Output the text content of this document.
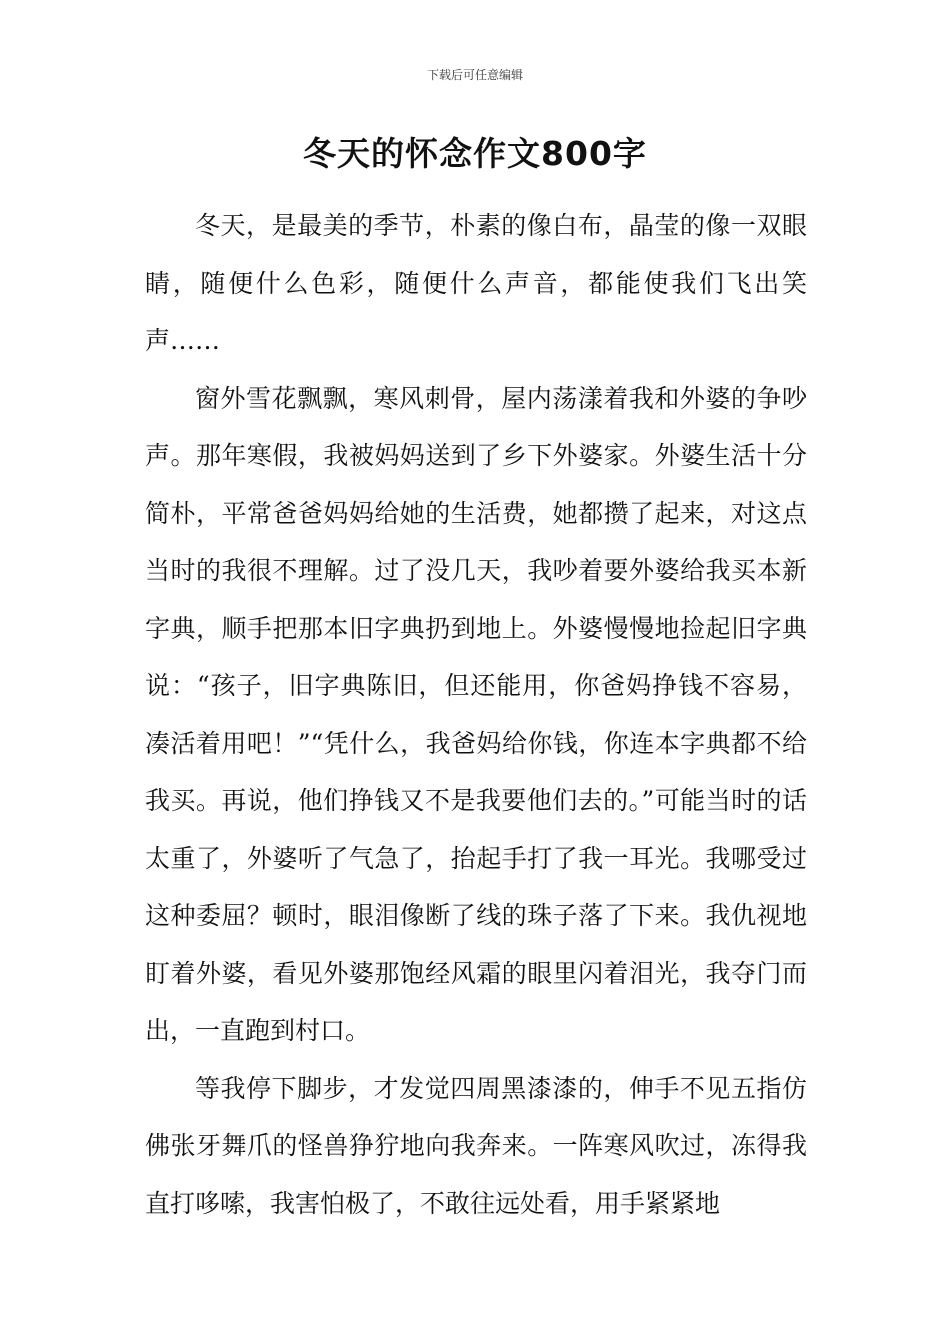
下载后可任意编辑
冬天的怀念作文800字

冬天，是最美的季节，朴素的像白布，晶莹的像一双眼睛，随便什么色彩，随便什么声音，都能使我们飞出笑声……

窗外雪花飘飘，寒风刺骨，屋内荡漾着我和外婆的争吵声。那年寒假，我被妈妈送到了乡下外婆家。外婆生活十分简朴，平常爸爸妈妈给她的生活费，她都攒了起来，对这点当时的我很不理解。过了没几天，我吵着要外婆给我买本新字典，顺手把那本旧字典扔到地上。外婆慢慢地捡起旧字典说：“孩子，旧字典陈旧，但还能用，你爸妈挣钱不容易，凑活着用吧！”“凭什么，我爸妈给你钱，你连本字典都不给我买。再说，他们挣钱又不是我要他们去的。”可能当时的话太重了，外婆听了气急了，抬起手打了我一耳光。我哪受过这种委屈？顿时，眼泪像断了线的珠子落了下来。我仇视地盯着外婆，看见外婆那饱经风霜的眼里闪着泪光，我夺门而出，一直跑到村口。

等我停下脚步，才发觉四周黑漆漆的，伸手不见五指仿佛张牙舞爪的怪兽狰狞地向我奔来。一阵寒风吹过，冻得我直打哆嗦，我害怕极了，不敢往远处看，用手紧紧地
